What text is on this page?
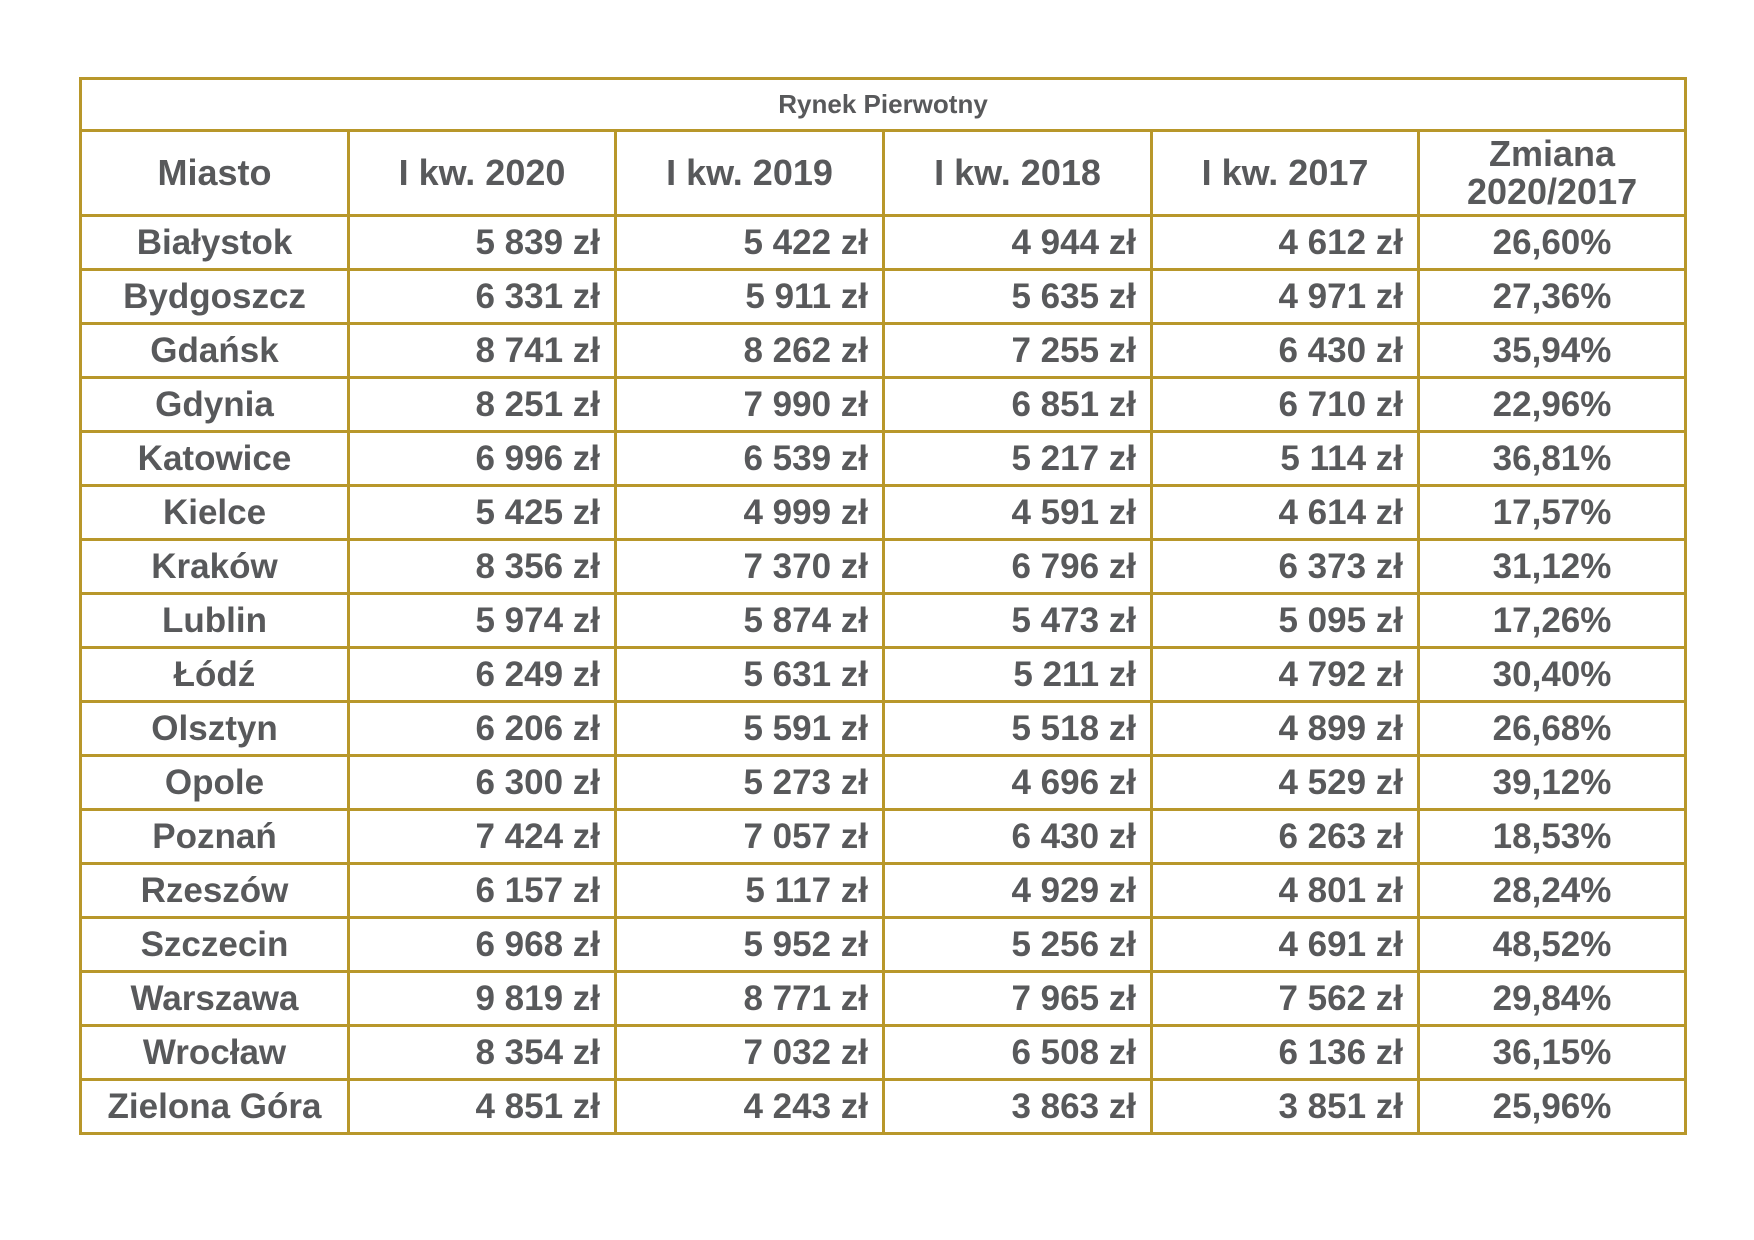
Rynek Pierwotny					
Miasto	I kw. 2020	I kw. 2019	I kw. 2018	I kw. 2017	Zmiana 2020/2017
Białystok	5 839 zł	5 422 zł	4 944 zł	4 612 zł	26,60%
Bydgoszcz	6 331 zł	5 911 zł	5 635 zł	4 971 zł	27,36%
Gdańsk	8 741 zł	8 262 zł	7 255 zł	6 430 zł	35,94%
Gdynia	8 251 zł	7 990 zł	6 851 zł	6 710 zł	22,96%
Katowice	6 996 zł	6 539 zł	5 217 zł	5 114 zł	36,81%
Kielce	5 425 zł	4 999 zł	4 591 zł	4 614 zł	17,57%
Kraków	8 356 zł	7 370 zł	6 796 zł	6 373 zł	31,12%
Lublin	5 974 zł	5 874 zł	5 473 zł	5 095 zł	17,26%
Łódź	6 249 zł	5 631 zł	5 211 zł	4 792 zł	30,40%
Olsztyn	6 206 zł	5 591 zł	5 518 zł	4 899 zł	26,68%
Opole	6 300 zł	5 273 zł	4 696 zł	4 529 zł	39,12%
Poznań	7 424 zł	7 057 zł	6 430 zł	6 263 zł	18,53%
Rzeszów	6 157 zł	5 117 zł	4 929 zł	4 801 zł	28,24%
Szczecin	6 968 zł	5 952 zł	5 256 zł	4 691 zł	48,52%
Warszawa	9 819 zł	8 771 zł	7 965 zł	7 562 zł	29,84%
Wrocław	8 354 zł	7 032 zł	6 508 zł	6 136 zł	36,15%
Zielona Góra	4 851 zł	4 243 zł	3 863 zł	3 851 zł	25,96%
